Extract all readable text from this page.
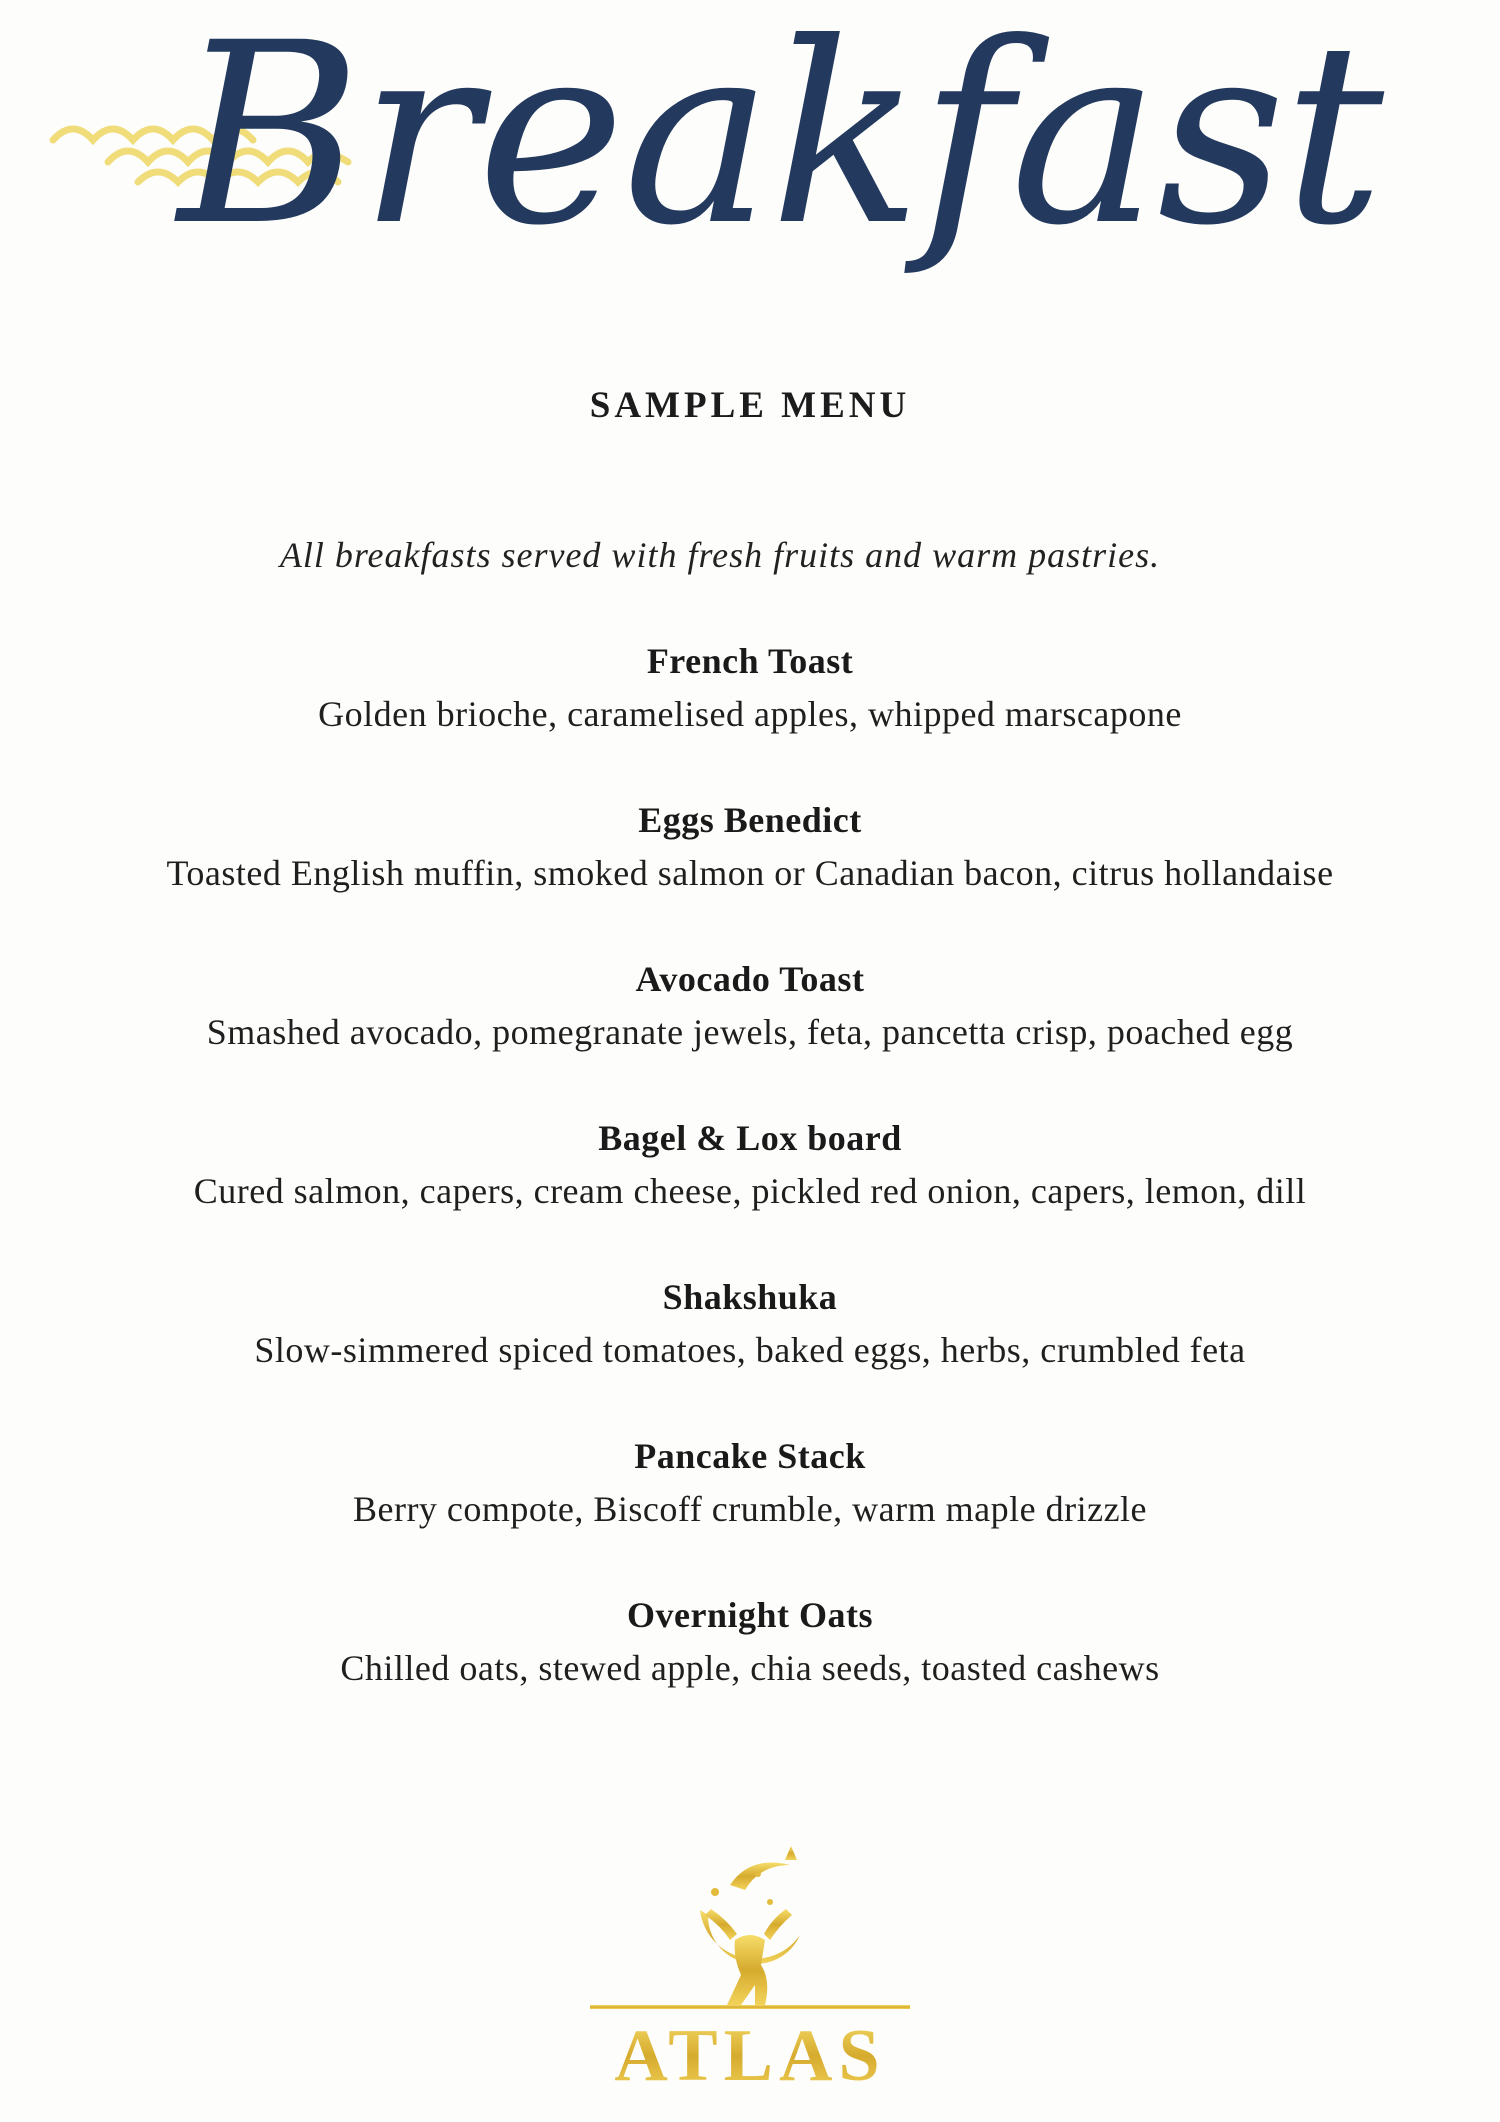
Breakfast
SAMPLE MENU
All breakfasts served with fresh fruits and warm pastries.
French Toast
Golden brioche, caramelised apples, whipped marscapone
Eggs Benedict
Toasted English muffin, smoked salmon or Canadian bacon, citrus hollandaise
Avocado Toast
Smashed avocado, pomegranate jewels, feta, pancetta crisp, poached egg
Bagel & Lox board
Cured salmon, capers, cream cheese, pickled red onion, capers, lemon, dill
Shakshuka
Slow-simmered spiced tomatoes, baked eggs, herbs, crumbled feta
Pancake Stack
Berry compote, Biscoff crumble, warm maple drizzle
Overnight Oats
Chilled oats, stewed apple, chia seeds, toasted cashews
ATLAS
